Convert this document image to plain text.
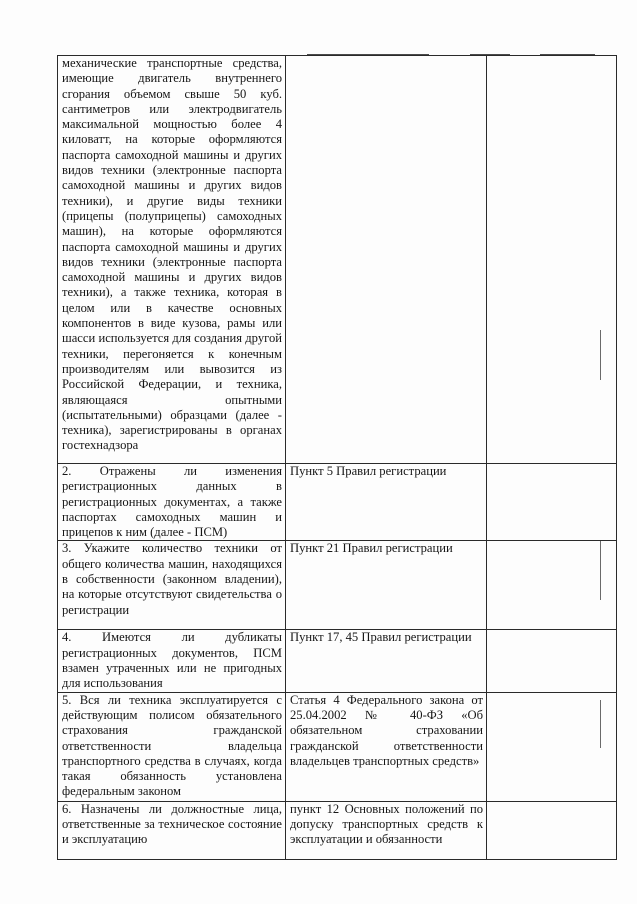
механические транспортные средства, имеющие двигатель внутреннего сгорания объемом свыше 50 куб. сантиметров или электродвигатель максимальной мощностью более 4 киловатт, на которые оформляются паспорта самоходной машины и других видов техники (электронные паспорта самоходной машины и других видов техники), и другие виды техники (прицепы (полуприцепы) самоходных машин), на которые оформляются паспорта самоходной машины и других видов техники (электронные паспорта самоходной машины и других видов техники), а также техника, которая в целом или в качестве основных компонентов в виде кузова, рамы или шасси используется для создания другой техники, перегоняется к конечным производителям или вывозится из Российской Федерации, и техника, являющаяся опытными (испытательными) образцами (далее - техника), зарегистрированы в органах гостехнадзора		

2. Отражены ли изменения регистрационных данных в регистрационных документах, а также паспортах самоходных машин и прицепов к ним (далее - ПСМ)	Пункт 5 Правил регистрации	

3. Укажите количество техники от общего количества машин, находящихся в собственности (законном владении), на которые отсутствуют свидетельства о регистрации	Пункт 21 Правил регистрации	

4. Имеются ли дубликаты регистрационных документов, ПСМ взамен утраченных или не пригодных для использования	Пункт 17, 45 Правил регистрации	

5. Вся ли техника эксплуатируется с действующим полисом обязательного страхования гражданской ответственности владельца транспортного средства в случаях, когда такая обязанность установлена федеральным законом	Статья 4 Федерального закона от 25.04.2002 № 40-ФЗ «Об обязательном страховании гражданской ответственности владельцев транспортных средств»	

6. Назначены ли должностные лица, ответственные за техническое состояние и эксплуатацию	пункт 12 Основных положений по допуску транспортных средств к эксплуатации и обязанности	
